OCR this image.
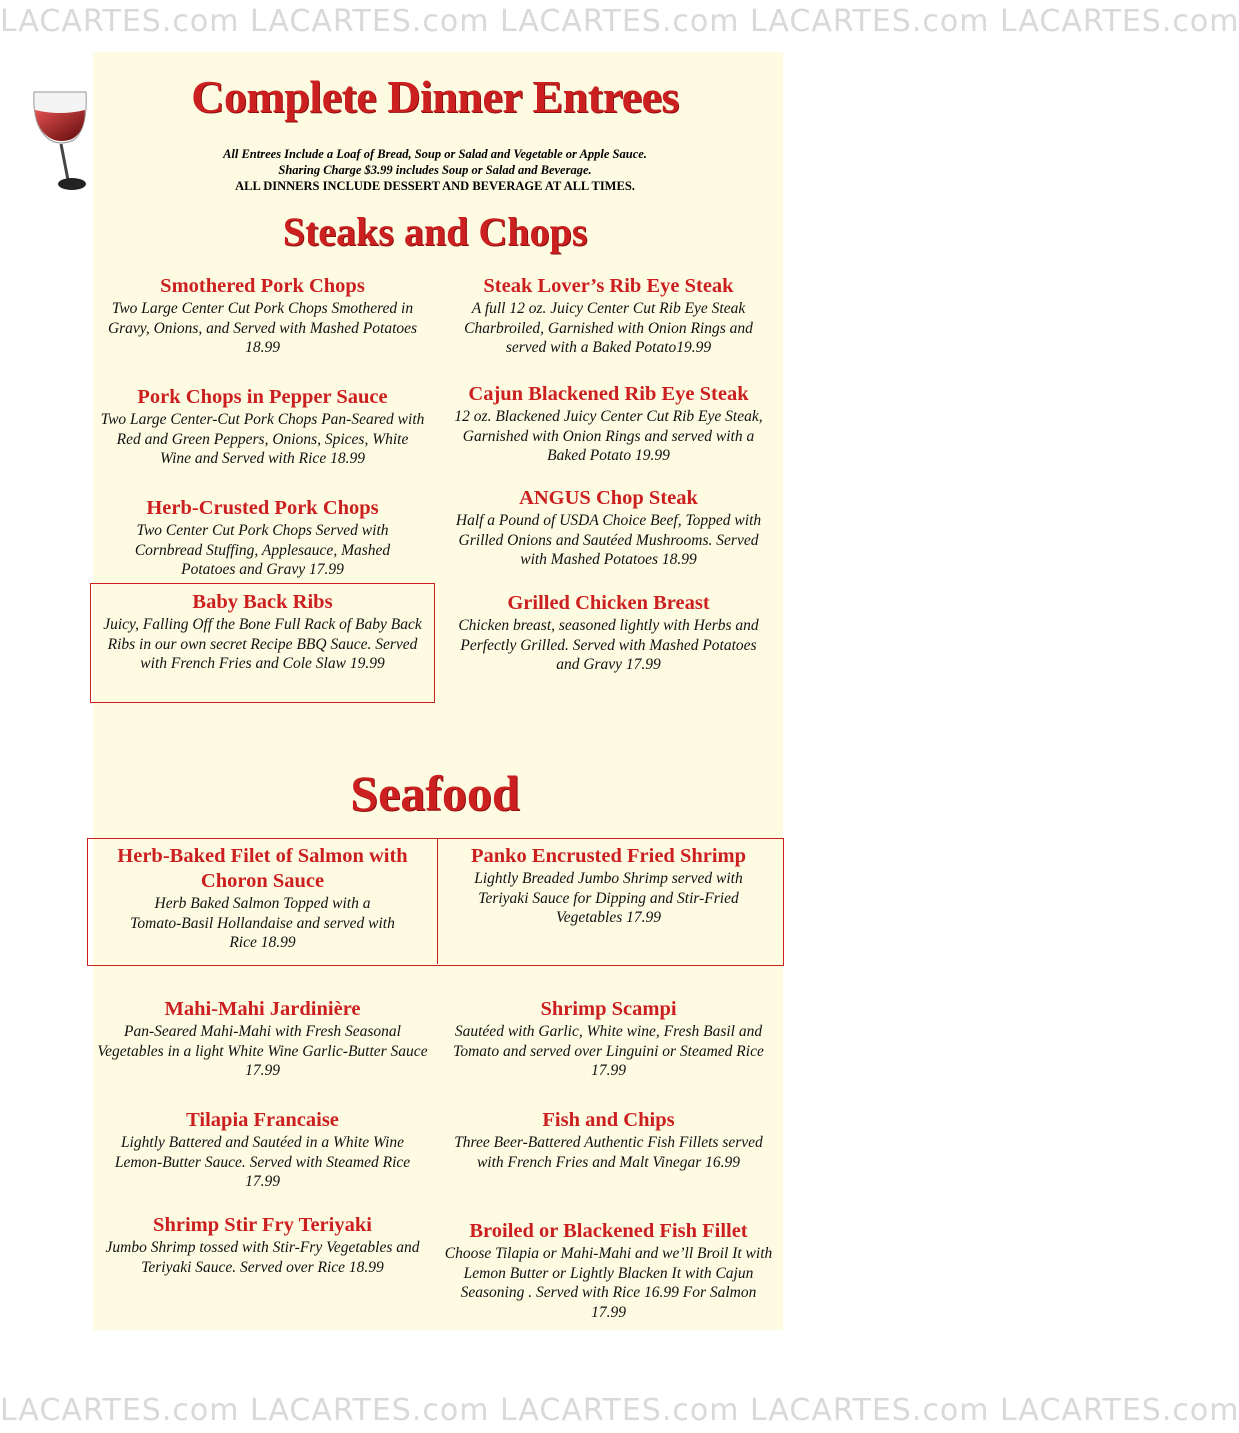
LACARTES.com LACARTES.com LACARTES.com LACARTES.com LACARTES.com
LACARTES.com LACARTES.com LACARTES.com LACARTES.com LACARTES.com
Complete Dinner Entrees
All Entrees Include a Loaf of Bread, Soup or Salad and Vegetable or Apple Sauce.
Sharing Charge $3.99 includes Soup or Salad and Beverage.
ALL DINNERS INCLUDE DESSERT AND BEVERAGE AT ALL TIMES.
Steaks and Chops
Smothered Pork Chops
Two Large Center Cut Pork Chops Smothered in Gravy, Onions, and Served with Mashed Potatoes 18.99
Steak Lover’s Rib Eye Steak
A full 12 oz. Juicy Center Cut Rib Eye Steak Charbroiled, Garnished with Onion Rings and served with a Baked Potato19.99
Pork Chops in Pepper Sauce
Two Large Center-Cut Pork Chops Pan-Seared with Red and Green Peppers, Onions, Spices, White Wine and Served with Rice 18.99
Cajun Blackened Rib Eye Steak
12 oz. Blackened Juicy Center Cut Rib Eye Steak, Garnished with Onion Rings and served with a Baked Potato 19.99
Herb-Crusted Pork Chops
Two Center Cut Pork Chops Served with Cornbread Stuffing, Applesauce, Mashed Potatoes and Gravy 17.99
ANGUS Chop Steak
Half a Pound of USDA Choice Beef, Topped with Grilled Onions and Sautéed Mushrooms. Served with Mashed Potatoes 18.99
Baby Back Ribs
Juicy, Falling Off the Bone Full Rack of Baby Back Ribs in our own secret Recipe BBQ Sauce. Served with French Fries and Cole Slaw 19.99
Grilled Chicken Breast
Chicken breast, seasoned lightly with Herbs and Perfectly Grilled. Served with Mashed Potatoes and Gravy 17.99
Seafood
Herb-Baked Filet of Salmon with Choron Sauce
Herb Baked Salmon Topped with a Tomato-Basil Hollandaise and served with Rice 18.99
Panko Encrusted Fried Shrimp
Lightly Breaded Jumbo Shrimp served with Teriyaki Sauce for Dipping and Stir-Fried Vegetables 17.99
Mahi-Mahi Jardinière
Pan-Seared Mahi-Mahi with Fresh Seasonal Vegetables in a light White Wine Garlic-Butter Sauce 17.99
Shrimp Scampi
Sautéed with Garlic, White wine, Fresh Basil and Tomato and served over Linguini or Steamed Rice 17.99
Tilapia Francaise
Lightly Battered and Sautéed in a White Wine Lemon-Butter Sauce. Served with Steamed Rice 17.99
Fish and Chips
Three Beer-Battered Authentic Fish Fillets served with French Fries and Malt Vinegar 16.99
Shrimp Stir Fry Teriyaki
Jumbo Shrimp tossed with Stir-Fry Vegetables and Teriyaki Sauce. Served over Rice 18.99
Broiled or Blackened Fish Fillet
Choose Tilapia or Mahi-Mahi and we’ll Broil It with Lemon Butter or Lightly Blacken It with Cajun Seasoning . Served with Rice 16.99 For Salmon 17.99
